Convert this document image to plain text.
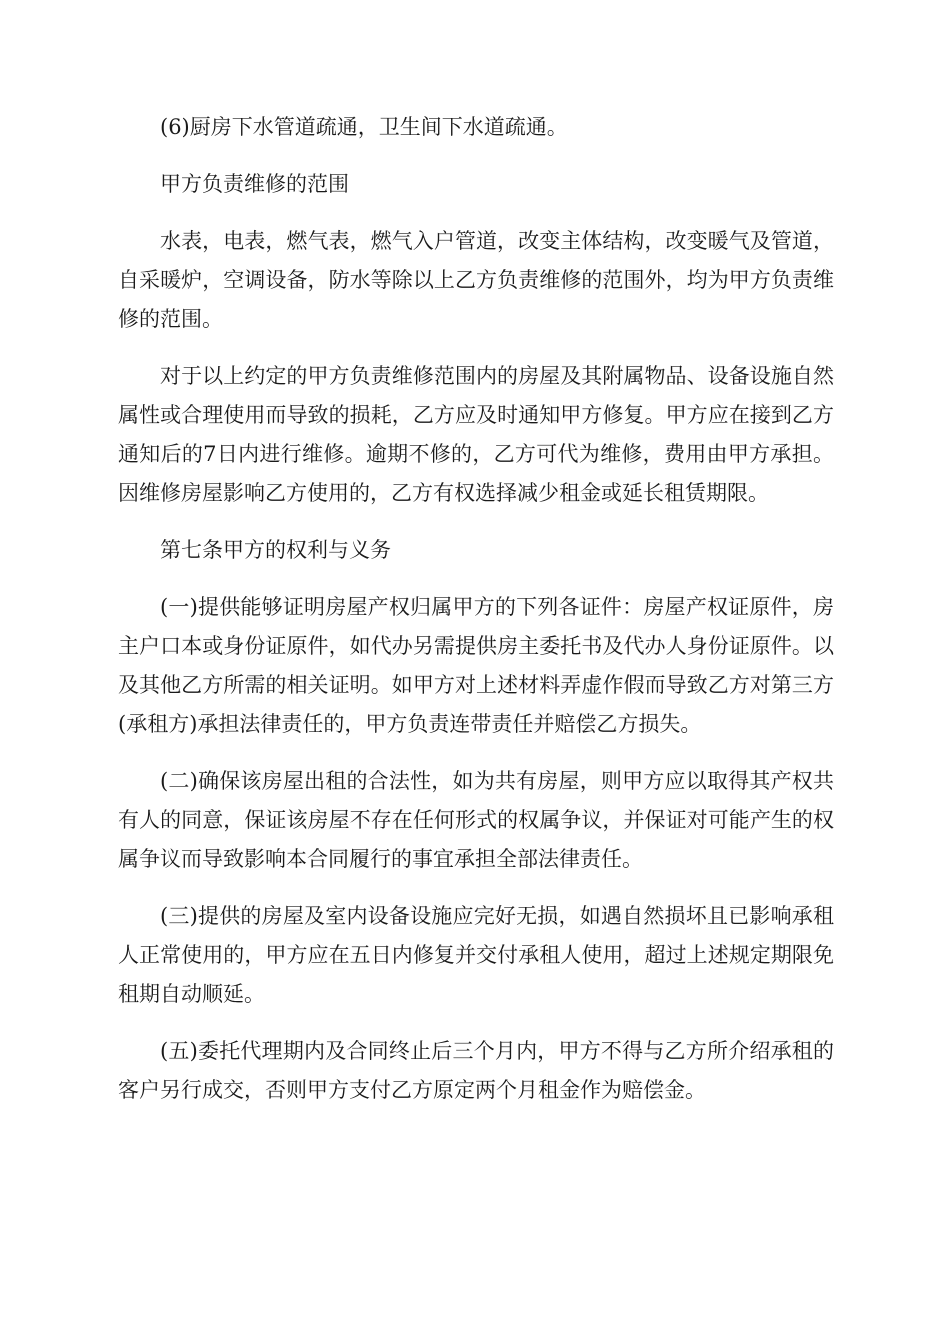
(6)厨房下水管道疏通，卫生间下水道疏通。

甲方负责维修的范围

水表，电表，燃气表，燃气入户管道，改变主体结构，改变暖气及管道，自采暖炉，空调设备，防水等除以上乙方负责维修的范围外，均为甲方负责维修的范围。

对于以上约定的甲方负责维修范围内的房屋及其附属物品、设备设施自然属性或合理使用而导致的损耗，乙方应及时通知甲方修复。甲方应在接到乙方通知后的7日内进行维修。逾期不修的，乙方可代为维修，费用由甲方承担。因维修房屋影响乙方使用的，乙方有权选择减少租金或延长租赁期限。

第七条甲方的权利与义务

(一)提供能够证明房屋产权归属甲方的下列各证件：房屋产权证原件，房主户口本或身份证原件，如代办另需提供房主委托书及代办人身份证原件。以及其他乙方所需的相关证明。如甲方对上述材料弄虚作假而导致乙方对第三方(承租方)承担法律责任的，甲方负责连带责任并赔偿乙方损失。

(二)确保该房屋出租的合法性，如为共有房屋，则甲方应以取得其产权共有人的同意，保证该房屋不存在任何形式的权属争议，并保证对可能产生的权属争议而导致影响本合同履行的事宜承担全部法律责任。

(三)提供的房屋及室内设备设施应完好无损，如遇自然损坏且已影响承租人正常使用的，甲方应在五日内修复并交付承租人使用，超过上述规定期限免租期自动顺延。

(五)委托代理期内及合同终止后三个月内，甲方不得与乙方所介绍承租的客户另行成交，否则甲方支付乙方原定两个月租金作为赔偿金。
